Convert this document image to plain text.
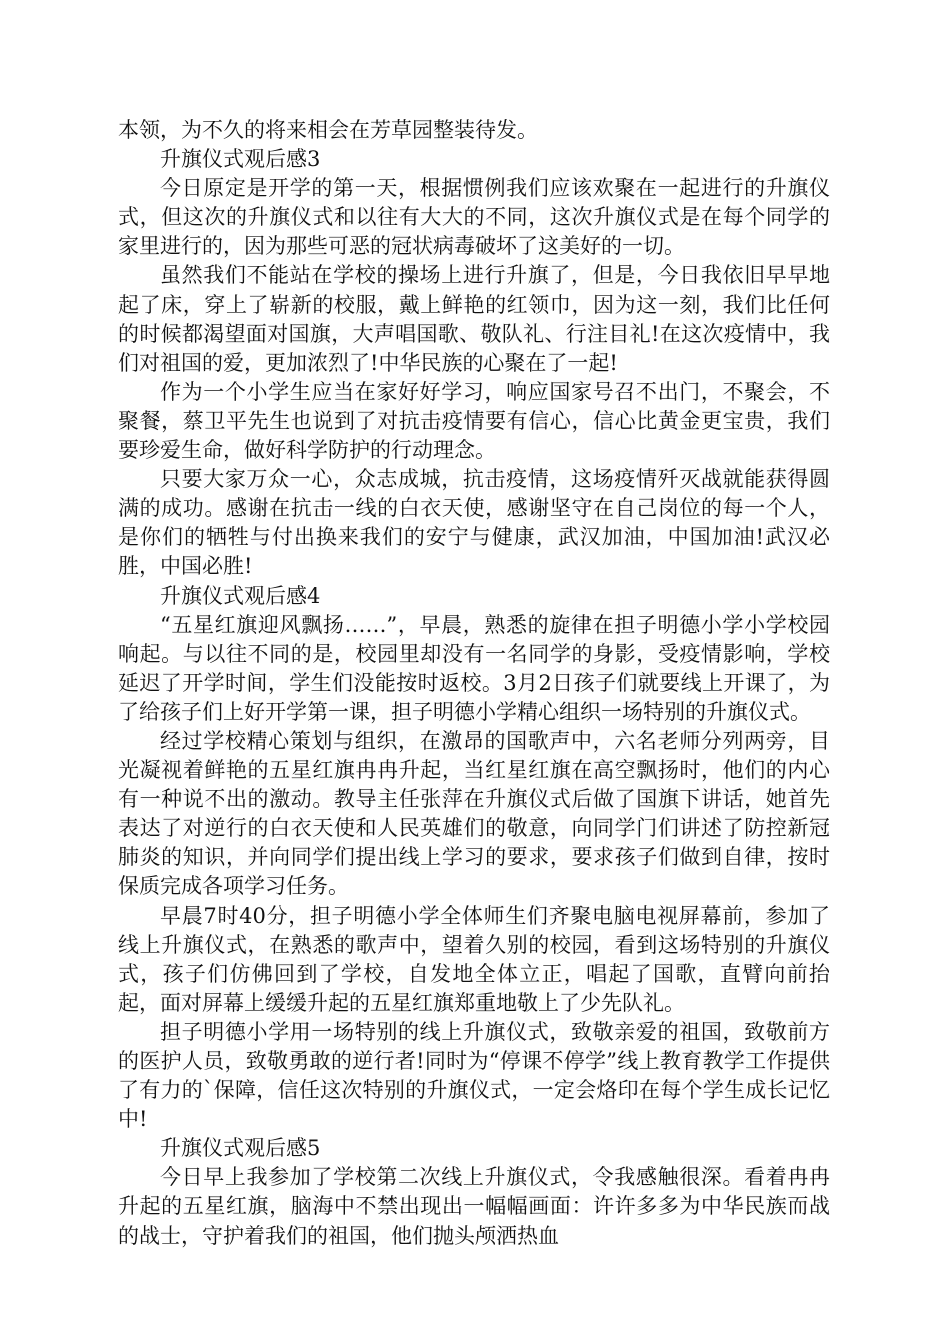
本领，为不久的将来相会在芳草园整装待发。

升旗仪式观后感3

今日原定是开学的第一天，根据惯例我们应该欢聚在一起进行的升旗仪式，但这次的升旗仪式和以往有大大的不同，这次升旗仪式是在每个同学的家里进行的，因为那些可恶的冠状病毒破坏了这美好的一切。

虽然我们不能站在学校的操场上进行升旗了，但是，今日我依旧早早地起了床，穿上了崭新的校服，戴上鲜艳的红领巾，因为这一刻，我们比任何的时候都渴望面对国旗，大声唱国歌、敬队礼、行注目礼!在这次疫情中，我们对祖国的爱，更加浓烈了!中华民族的心聚在了一起!

作为一个小学生应当在家好好学习，响应国家号召不出门，不聚会，不聚餐，蔡卫平先生也说到了对抗击疫情要有信心，信心比黄金更宝贵，我们要珍爱生命，做好科学防护的行动理念。

只要大家万众一心，众志成城，抗击疫情，这场疫情歼灭战就能获得圆满的成功。感谢在抗击一线的白衣天使，感谢坚守在自己岗位的每一个人，是你们的牺牲与付出换来我们的安宁与健康，武汉加油，中国加油!武汉必胜，中国必胜!

升旗仪式观后感4

“五星红旗迎风飘扬……”，早晨，熟悉的旋律在担子明德小学小学校园响起。与以往不同的是，校园里却没有一名同学的身影，受疫情影响，学校延迟了开学时间，学生们没能按时返校。3月2日孩子们就要线上开课了，为了给孩子们上好开学第一课，担子明德小学精心组织一场特别的升旗仪式。

经过学校精心策划与组织，在激昂的国歌声中，六名老师分列两旁，目光凝视着鲜艳的五星红旗冉冉升起，当红星红旗在高空飘扬时，他们的内心有一种说不出的激动。教导主任张萍在升旗仪式后做了国旗下讲话，她首先表达了对逆行的白衣天使和人民英雄们的敬意，向同学门们讲述了防控新冠肺炎的知识，并向同学们提出线上学习的要求，要求孩子们做到自律，按时保质完成各项学习任务。

早晨7时40分，担子明德小学全体师生们齐聚电脑电视屏幕前，参加了线上升旗仪式，在熟悉的歌声中，望着久别的校园，看到这场特别的升旗仪式，孩子们仿佛回到了学校，自发地全体立正，唱起了国歌，直臂向前抬起，面对屏幕上缓缓升起的五星红旗郑重地敬上了少先队礼。

担子明德小学用一场特别的线上升旗仪式，致敬亲爱的祖国，致敬前方的医护人员，致敬勇敢的逆行者!同时为“停课不停学”线上教育教学工作提供了有力的`保障，信任这次特别的升旗仪式，一定会烙印在每个学生成长记忆中!

升旗仪式观后感5

今日早上我参加了学校第二次线上升旗仪式，令我感触很深。看着冉冉升起的五星红旗，脑海中不禁出现出一幅幅画面：许许多多为中华民族而战的战士，守护着我们的祖国，他们抛头颅洒热血
